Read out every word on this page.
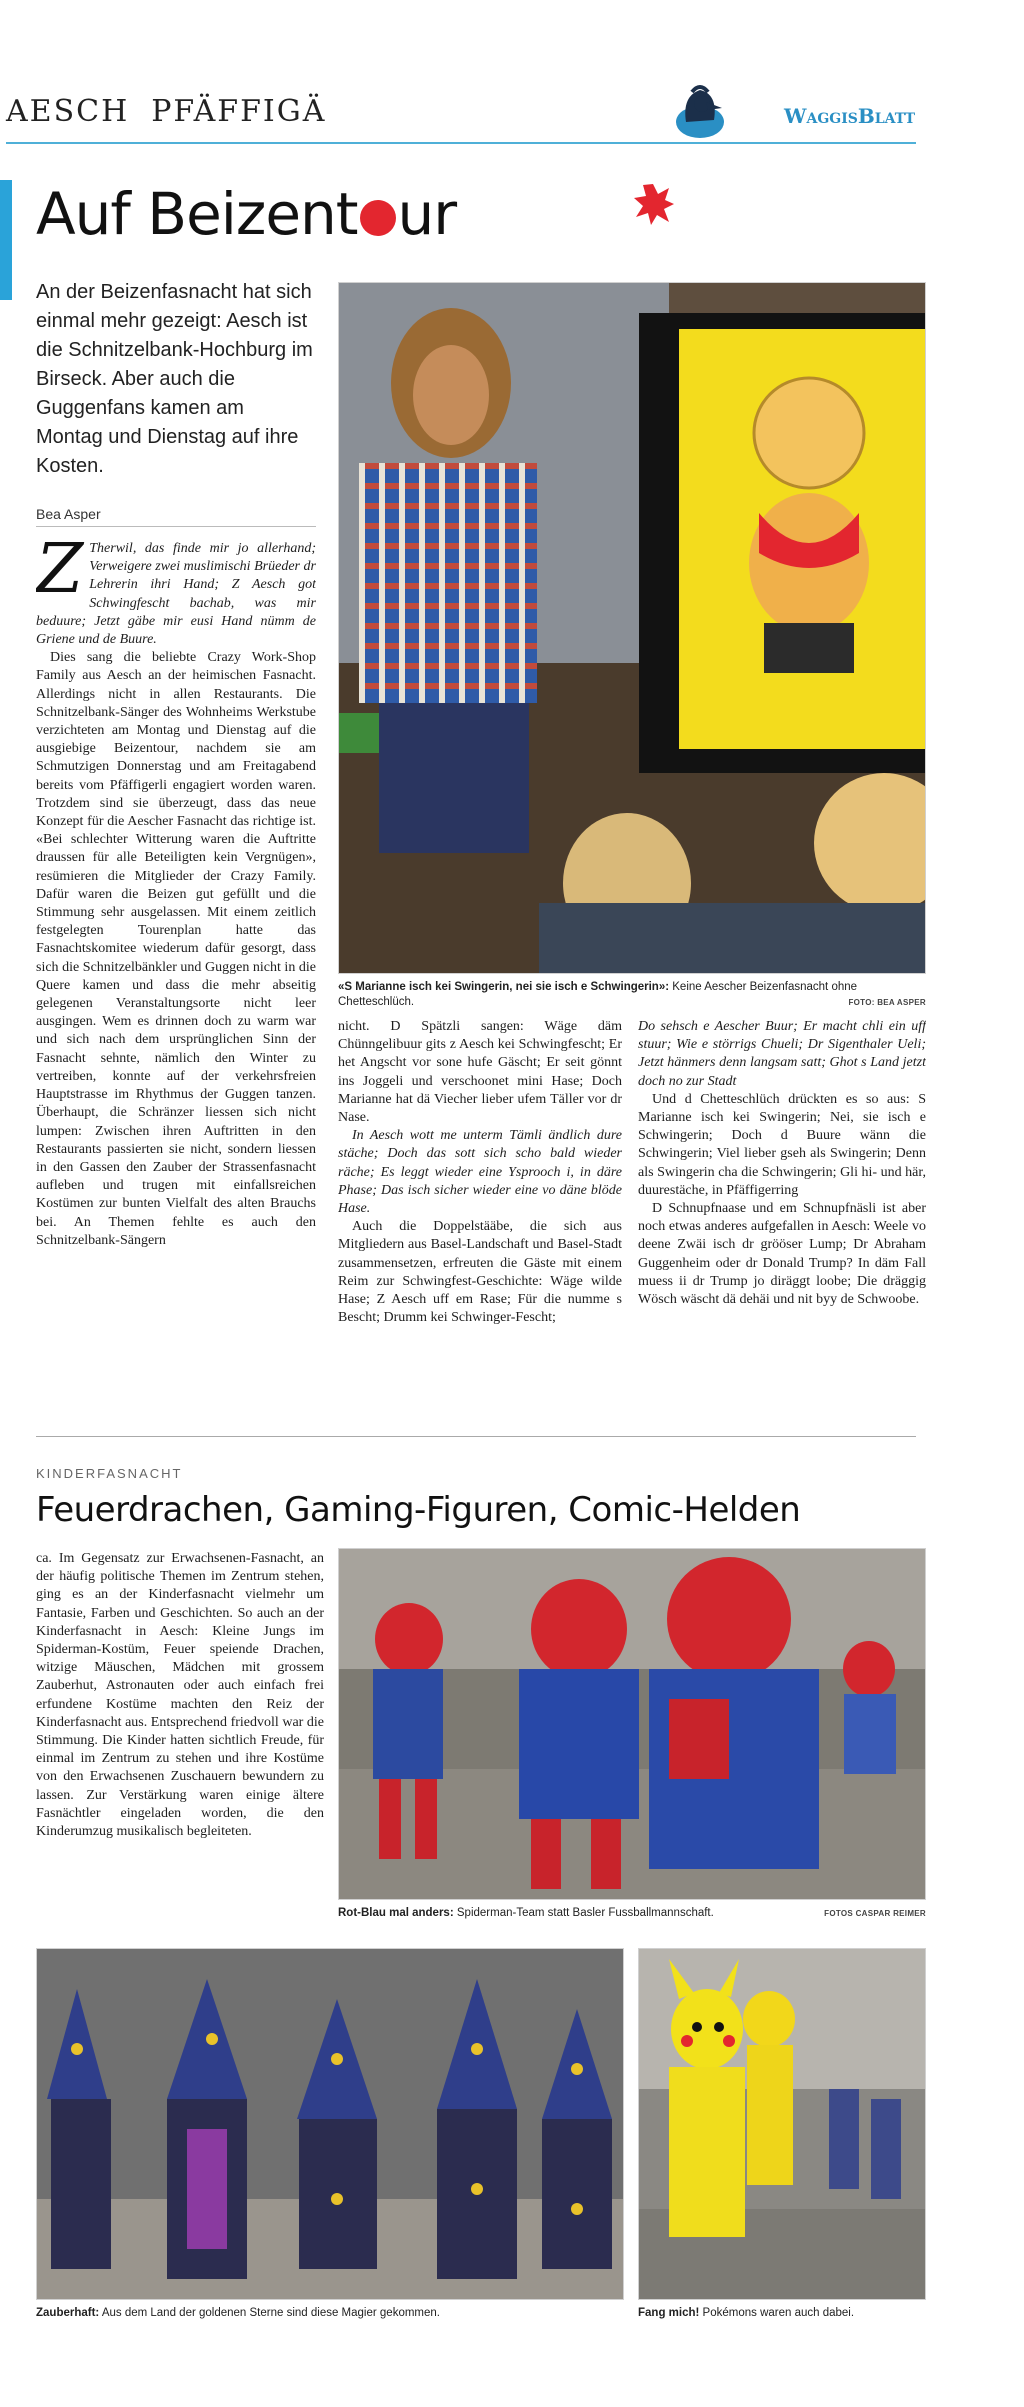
AESCH PFÄFFIGÄ	WaggisBlatt
Auf Beizent ur
An der Beizenfasnacht hat sich einmal mehr gezeigt: Aesch ist die Schnitzelbank-Hochburg im Birseck. Aber auch die Guggenfans kamen am Montag und Dienstag auf ihre Kosten.
Bea Asper

Z Therwil, das finde mir jo allerhand; Verweigere zwei muslimischi Brüeder dr Lehrerin ihri Hand; Z Aesch got Schwingfescht bachab, was mir beduure; Jetzt gäbe mir eusi Hand nümm de Griene und de Buure.

Dies sang die beliebte Crazy Work-Shop Family aus Aesch an der heimischen Fasnacht. Allerdings nicht in allen Restaurants. Die Schnitzelbank-Sänger des Wohnheims Werkstube verzichteten am Montag und Dienstag auf die ausgiebige Beizentour, nachdem sie am Schmutzigen Donnerstag und am Freitagabend bereits vom Pfäffigerli engagiert worden waren. Trotzdem sind sie überzeugt, dass das neue Konzept für die Aescher Fasnacht das richtige ist. «Bei schlechter Witterung waren die Auftritte draussen für alle Beteiligten kein Vergnügen», resümieren die Mitglieder der Crazy Family. Dafür waren die Beizen gut gefüllt und die Stimmung sehr ausgelassen. Mit einem zeitlich festgelegten Tourenplan hatte das Fasnachtskomitee wiederum dafür gesorgt, dass sich die Schnitzelbänkler und Guggen nicht in die Quere kamen und dass die mehr abseitig gelegenen Veranstaltungsorte nicht leer ausgingen. Wem es drinnen doch zu warm war und sich nach dem ursprünglichen Sinn der Fasnacht sehnte, nämlich den Winter zu vertreiben, konnte auf der verkehrsfreien Hauptstrasse im Rhythmus der Guggen tanzen. Überhaupt, die Schränzer liessen sich nicht lumpen: Zwischen ihren Auftritten in den Restaurants passierten sie nicht, sondern liessen in den Gassen den Zauber der Strassenfasnacht aufleben und trugen mit einfallsreichen Kostümen zur bunten Vielfalt des alten Brauchs bei. An Themen fehlte es auch den Schnitzelbank-Sängern

«S Marianne isch kei Swingerin, nei sie isch e Schwingerin»: Keine Aescher Beizenfasnacht ohne Chetteschlüch.	FOTO: BEA ASPER

nicht. D Spätzli sangen: Wäge däm Chünngelibuur gits z Aesch kei Schwingfescht; Er het Angscht vor sone hufe Gäscht; Er seit gönnt ins Joggeli und verschoonet mini Hase; Doch Marianne hat dä Viecher lieber ufem Täller vor dr Nase.

In Aesch wott me unterm Tämli ändlich dure stäche; Doch das sott sich scho bald wieder räche; Es leggt wieder eine Ysprooch i, in däre Phase; Das isch sicher wieder eine vo däne blöde Hase.

Auch die Doppelstääbe, die sich aus Mitgliedern aus Basel-Landschaft und Basel-Stadt zusammensetzen, erfreuten die Gäste mit einem Reim zur Schwingfest-Geschichte: Wäge wilde Hase; Z Aesch uff em Rase; Für die numme s Bescht; Drumm kei Schwinger-Fescht;

Do sehsch e Aescher Buur; Er macht chli ein uff stuur; Wie e störrigs Chueli; Dr Sigenthaler Ueli; Jetzt hänmers denn langsam satt; Ghot s Land jetzt doch no zur Stadt

Und d Chetteschlüch drückten es so aus: S Marianne isch kei Swingerin; Nei, sie isch e Schwingerin; Doch d Buure wänn die Schwingerin; Viel lieber gseh als Swingerin; Denn als Swingerin cha die Schwingerin; Gli hi- und här, duurestäche, in Pfäffigerring

D Schnupfnaase und em Schnupfnäsli ist aber noch etwas anderes aufgefallen in Aesch: Weele vo deene Zwäi isch dr grööser Lump; Dr Abraham Guggenheim oder dr Donald Trump? In däm Fall muess ii dr Trump jo diräggt loobe; Die dräggig Wösch wäscht dä dehäi und nit byy de Schwoobe.

KINDERFASNACHT
Feuerdrachen, Gaming-Figuren, Comic-Helden
ca. Im Gegensatz zur Erwachsenen-Fasnacht, an der häufig politische Themen im Zentrum stehen, ging es an der Kinderfasnacht vielmehr um Fantasie, Farben und Geschichten. So auch an der Kinderfasnacht in Aesch: Kleine Jungs im Spiderman-Kostüm, Feuer speiende Drachen, witzige Mäuschen, Mädchen mit grossem Zauberhut, Astronauten oder auch einfach frei erfundene Kostüme machten den Reiz der Kinderfasnacht aus. Entsprechend friedvoll war die Stimmung. Die Kinder hatten sichtlich Freude, für einmal im Zentrum zu stehen und ihre Kostüme von den Erwachsenen Zuschauern bewundern zu lassen. Zur Verstärkung waren einige ältere Fasnächtler eingeladen worden, die den Kinderumzug musikalisch begleiteten.
Rot-Blau mal anders: Spiderman-Team statt Basler Fussballmannschaft.	FOTOS CASPAR REIMER
Zauberhaft: Aus dem Land der goldenen Sterne sind diese Magier gekommen.	Fang mich! Pokémons waren auch dabei.
